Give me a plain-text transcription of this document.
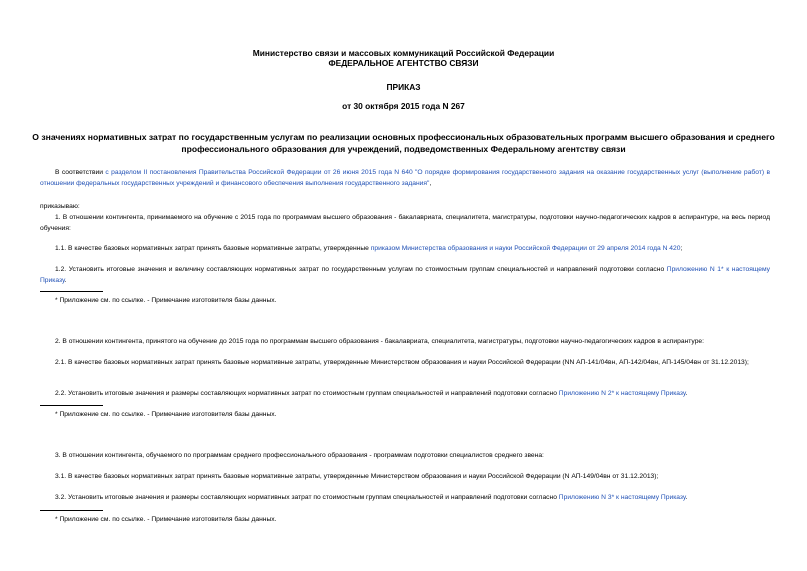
Министерство связи и массовых коммуникаций Российской Федерации
ФЕДЕРАЛЬНОЕ АГЕНТСТВО СВЯЗИ
ПРИКАЗ
от 30 октября 2015 года N 267
О значениях нормативных затрат по государственным услугам по реализации основных профессиональных образовательных программ высшего образования и среднего профессионального образования для учреждений, подведомственных Федеральному агентству связи
В соответствии с разделом II постановления Правительства Российской Федерации от 26 июня 2015 года N 640 "О порядке формирования государственного задания на оказание государственных услуг (выполнение работ) в отношении федеральных государственных учреждений и финансового обеспечения выполнения государственного задания",
приказываю:
1. В отношении контингента, принимаемого на обучение с 2015 года по программам высшего образования - бакалавриата, специалитета, магистратуры, подготовки научно-педагогических кадров в аспирантуре, на весь период обучения:
1.1. В качестве базовых нормативных затрат принять базовые нормативные затраты, утвержденные приказом Министерства образования и науки Российской Федерации от 29 апреля 2014 года N 420;
1.2. Установить итоговые значения и величину составляющих нормативных затрат по государственным услугам по стоимостным группам специальностей и направлений подготовки согласно Приложению N 1* к настоящему Приказу.
* Приложение см. по ссылке. - Примечание изготовителя базы данных.
2. В отношении контингента, принятого на обучение до 2015 года по программам высшего образования - бакалавриата, специалитета, магистратуры, подготовки научно-педагогических кадров в аспирантуре:
2.1. В качестве базовых нормативных затрат принять базовые нормативные затраты, утвержденные Министерством образования и науки Российской Федерации (NN АП-141/04вн, АП-142/04вн, АП-145/04вн от 31.12.2013);
2.2. Установить итоговые значения и размеры составляющих нормативных затрат по стоимостным группам специальностей и направлений подготовки согласно Приложению N 2* к настоящему Приказу.
* Приложение см. по ссылке. - Примечание изготовителя базы данных.
3. В отношении контингента, обучаемого по программам среднего профессионального образования - программам подготовки специалистов среднего звена:
3.1. В качестве базовых нормативных затрат принять базовые нормативные затраты, утвержденные Министерством образования и науки Российской Федерации (N АП-149/04вн от 31.12.2013);
3.2. Установить итоговые значения и размеры составляющих нормативных затрат по стоимостным группам специальностей и направлений подготовки согласно Приложению N 3* к настоящему Приказу.
* Приложение см. по ссылке. - Примечание изготовителя базы данных.
